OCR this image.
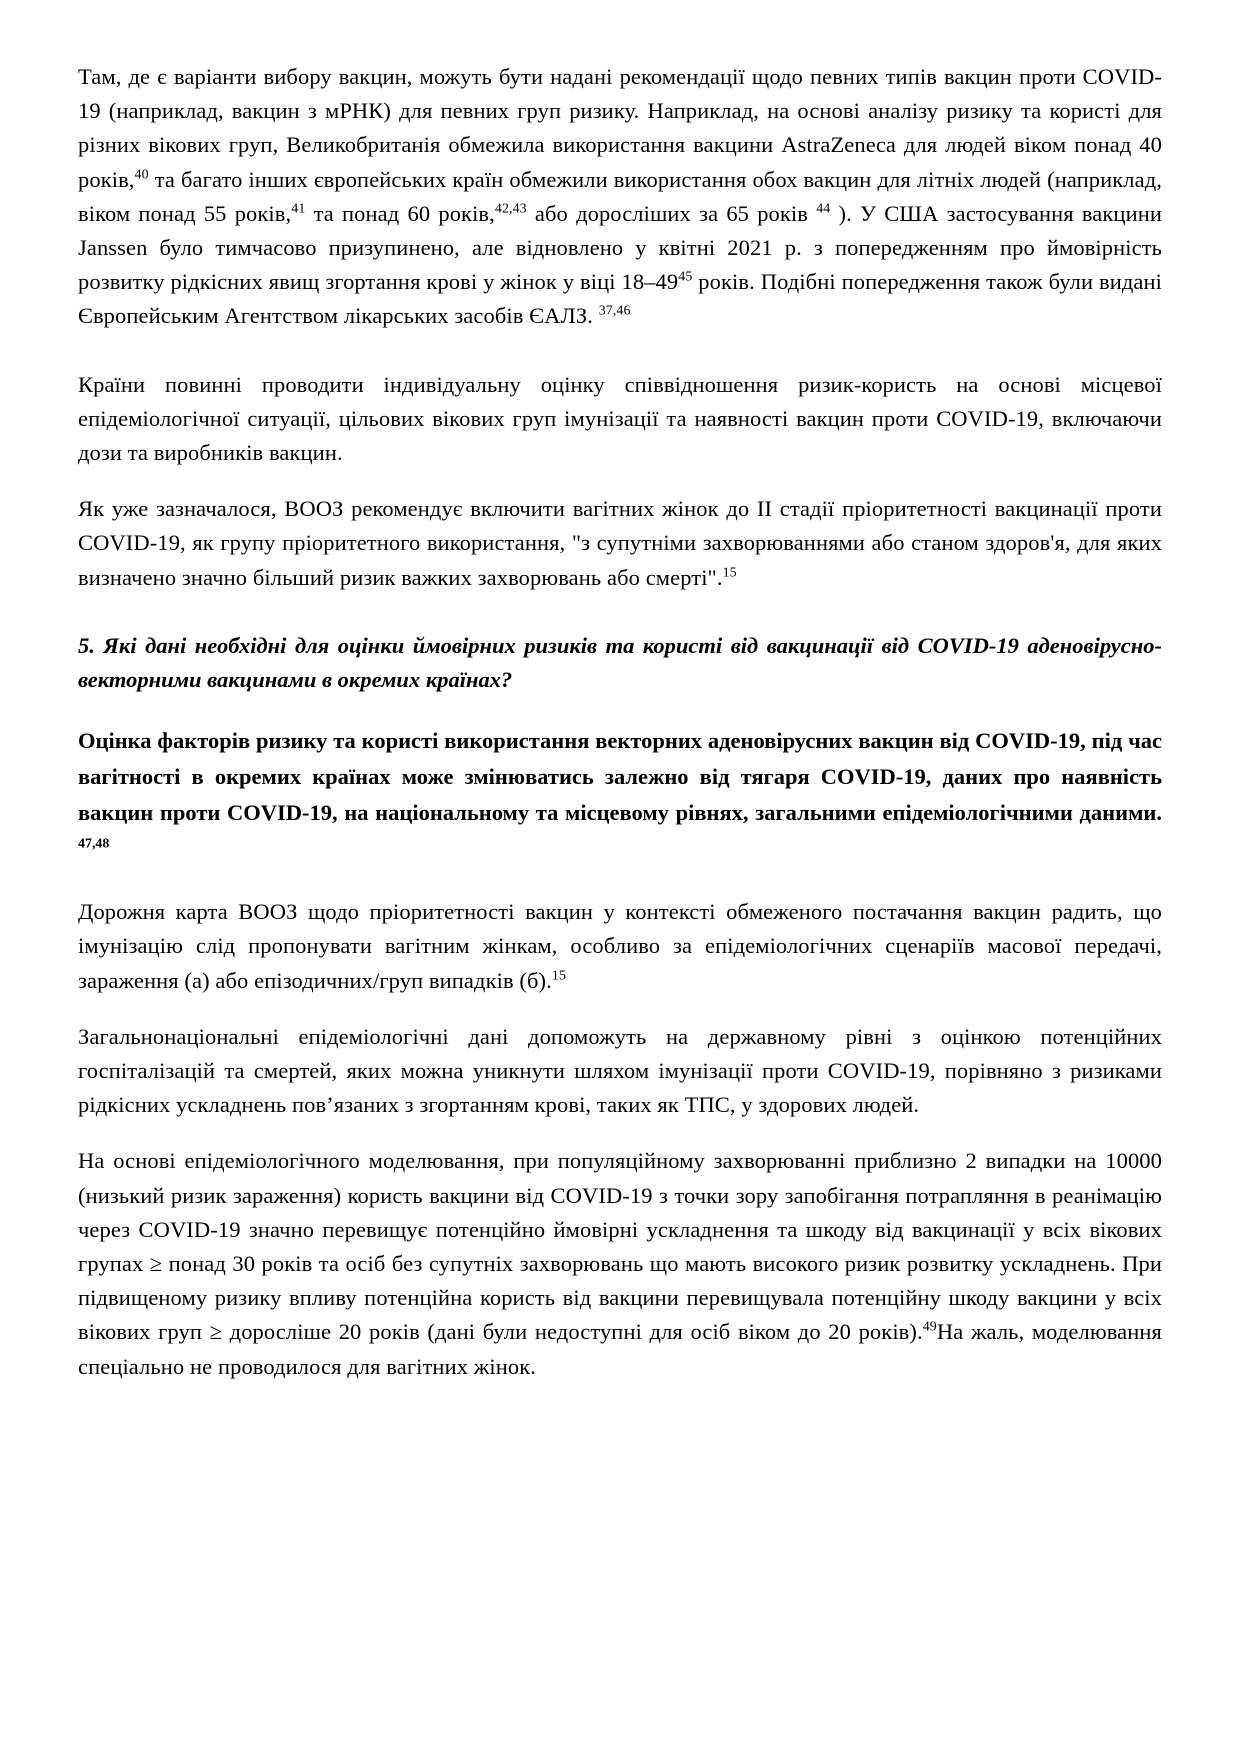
Там, де є варіанти вибору вакцин, можуть бути надані рекомендації щодо певних типів вакцин проти COVID-19 (наприклад, вакцин з мРНК) для певних груп ризику. Наприклад, на основі аналізу ризику та користі для різних вікових груп, Великобританія обмежила використання вакцини AstraZeneca для людей віком понад 40 років,$^{40}$ та багато інших європейських країн обмежили використання обох вакцин для літніх людей (наприклад, віком понад 55 років,$^{41}$ та понад 60 років,$^{42,43}$ або дорослiших за 65 років $^{44}$ ). У США застосування вакцини Janssen було тимчасово призупинено, але відновлено у квітні 2021 р. з попередженням про ймовірність розвитку рідкісних явищ згортання крові у жінок у віці $18-49^{45}$ років. Подібні попередження також були видані Європейським Агентством лікарських засобів ЄАЛЗ. $^{37,46}$

Країни повинні проводити індивідуальну оцінку співвідношення ризик-користь на основі місцевої епідеміологічної ситуації, цільових вікових груп імунізації та наявності вакцин проти COVID-19, включаючи дози та виробників вакцин.

Як уже зазначалося, ВООЗ рекомендує включити вагітних жінок до II стадії пріоритетності вакцинації проти COVID-19, як групу пріоритетного використання, "з супутніми захворюваннями або станом здоров'я, для яких визначено значно більший ризик важких захворювань або смерті".$^{15}$

5. Які дані необхідні для оцінки ймовірних ризиків та користі від вакцинації від COVID-19 аденовірусно-векторними вакцинами в окремих країнах?

Оцінка факторів ризику та користі використання векторних аденовірусних вакцин від COVID-19, під час вагітності в окремих країнах може змінюватись залежно від тягаря COVID-19, даних про наявність вакцин проти COVID-19, на національному та місцевому рівнях, загальними епідеміологічними даними. $^{47,48}$

Дорожня карта ВООЗ щодо пріоритетності вакцин у контексті обмеженого постачання вакцин радить, що імунізацію слід пропонувати вагітним жінкам, особливо за епідеміологічних сценаріїв масової передачі, зараження (а) або епізодичних/груп випадків (б).$^{15}$

Загальнонаціональні епідеміологічні дані допоможуть на державному рівні з оцінкою потенційних госпіталізацій та смертей, яких можна уникнути шляхом імунізації проти COVID-19, порівняно з ризиками рідкісних ускладнень пов’язаних з згортанням крові, таких як ТПС, у здорових людей.

На основі епідеміологічного моделювання, при популяційному захворюванні приблизно 2 випадки на 10000 (низький ризик зараження) користь вакцини від COVID-19 з точки зору запобігання потрапляння в реанімацію через COVID-19 значно перевищує потенційно ймовірні ускладнення та шкоду від вакцинації у всіх вікових групах ≥ понад 30 років та осіб без супутніх захворювань що мають високого ризик розвитку ускладнень. При підвищеному ризику впливу потенційна користь від вакцини перевищувала потенційну шкоду вакцини у всіх вікових груп ≥ дорослiше 20 років (дані були недоступні для осіб віком до 20 років).$^{49}$На жаль, моделювання спеціально не проводилося для вагітних жінок.
